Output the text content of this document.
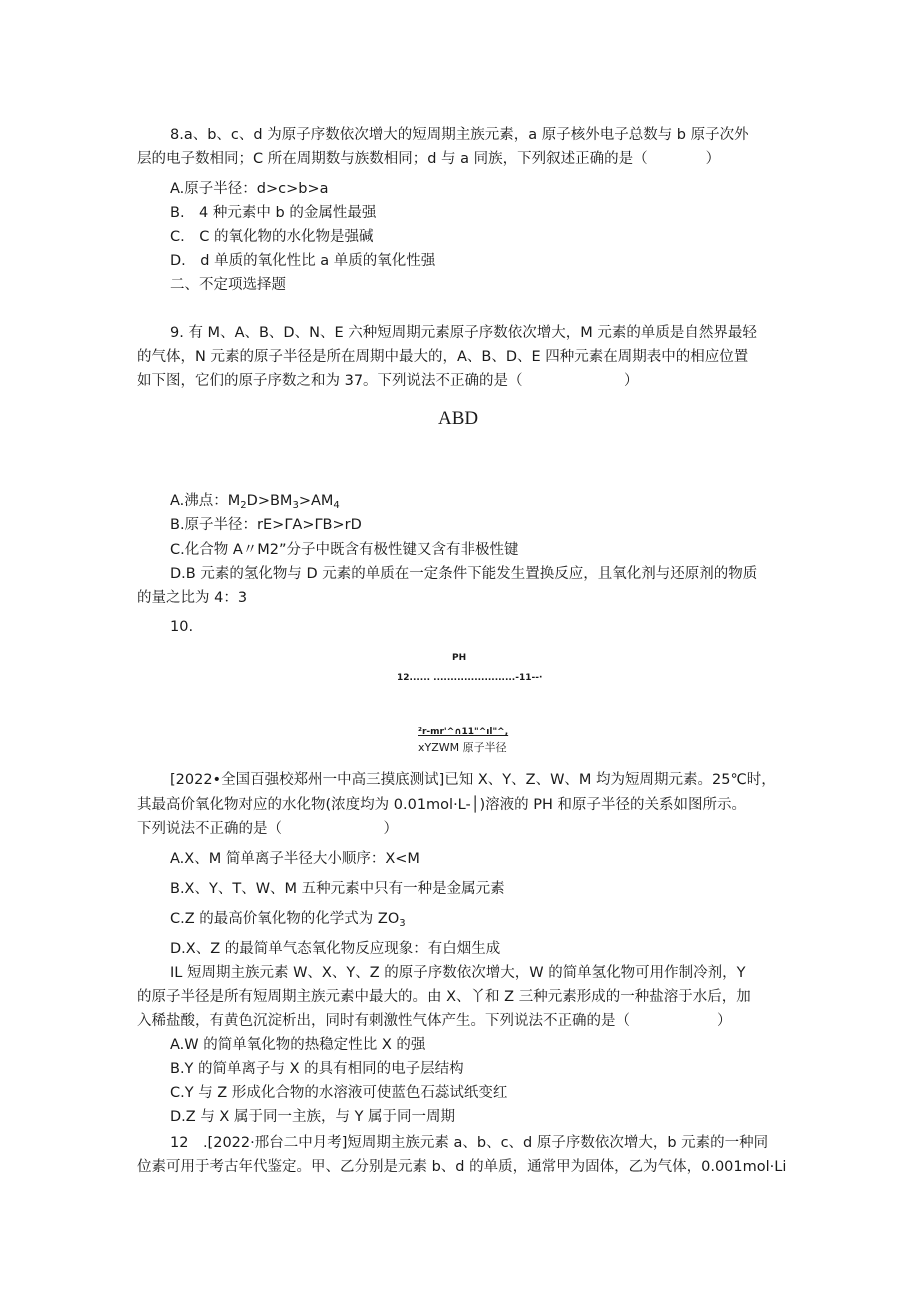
8.a、b、c、d 为原子序数依次增大的短周期主族元素，a 原子核外电子总数与 b 原子次外
层的电子数相同；C 所在周期数与族数相同；d 与 a 同族，下列叙述正确的是（　　　　）
A.原子半径：d>c>b>a
B.　4 种元素中 b 的金属性最强
C.　C 的氧化物的水化物是强碱
D.　d 单质的氧化性比 a 单质的氧化性强
二、不定项选择题
9. 有 M、A、B、D、N、E 六种短周期元素原子序数依次增大，M 元素的单质是自然界最轻
的气体，N 元素的原子半径是所在周期中最大的，A、B、D、E 四种元素在周期表中的相应位置
如下图，它们的原子序数之和为 37。下列说法不正确的是（　　　　　　　）
ABD
A.沸点：$M_2D>BM_3>AM_4$
B.原子半径：rE>ΓA>ΓB>rD
C.化合物 A〃M2”分子中既含有极性键又含有非极性键
D.B 元素的氢化物与 D 元素的单质在一定条件下能发生置换反应，且氧化剂与还原剂的物质
的量之比为 4：3
10.
PH
12...... ........................-11--·
²r-mr'^∩11"^ıl"^,
xYZWM 原子半径
[2022•全国百强校郑州一中高三摸底测试]已知 X、Y、Z、W、M 均为短周期元素。25℃时，
其最高价氧化物对应的水化物(浓度均为 0.01mol·L-│)溶液的 PH 和原子半径的关系如图所示。
下列说法不正确的是（　　　　　　　）
A.X、M 简单离子半径大小顺序：X<M
B.X、Y、T、W、M 五种元素中只有一种是金属元素
C.Z 的最高价氧化物的化学式为 $ZO_3$
D.X、Z 的最简单气态氧化物反应现象：有白烟生成
IL 短周期主族元素 W、X、Y、Z 的原子序数依次增大，W 的简单氢化物可用作制冷剂，Y
的原子半径是所有短周期主族元素中最大的。由 X、丫和 Z 三种元素形成的一种盐溶于水后，加
入稀盐酸，有黄色沉淀析出，同时有刺激性气体产生。下列说法不正确的是（　　　　　　）
A.W 的简单氧化物的热稳定性比 X 的强
B.Y 的简单离子与 X 的具有相同的电子层结构
C.Y 与 Z 形成化合物的水溶液可使蓝色石蕊试纸变红
D.Z 与 X 属于同一主族，与 Y 属于同一周期
12　.[2022·邢台二中月考]短周期主族元素 a、b、c、d 原子序数依次增大，b 元素的一种同
位素可用于考古年代鉴定。甲、乙分别是元素 b、d 的单质，通常甲为固体，乙为气体，0.001mol·Li
